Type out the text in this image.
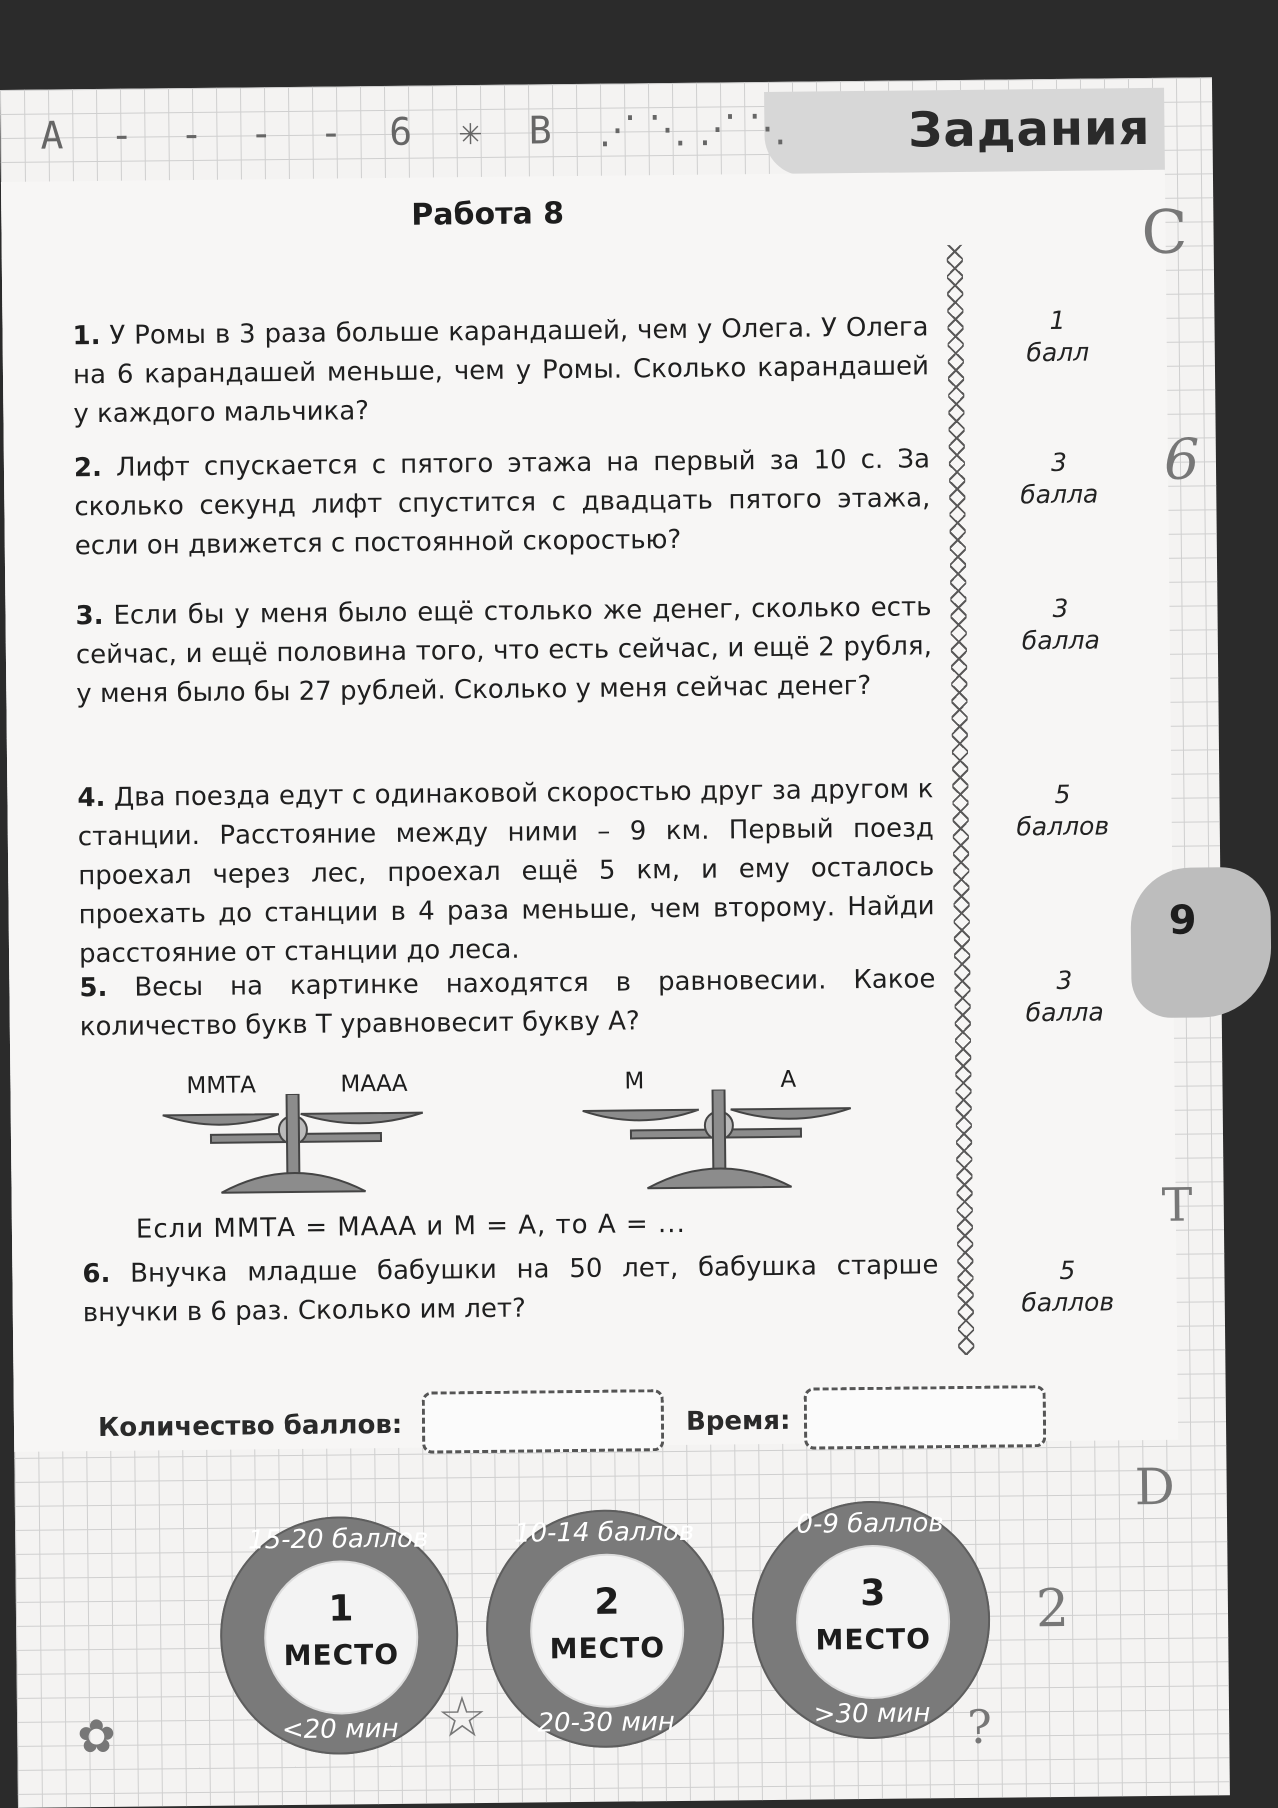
Задания
A - - - - 6 ✳ B ⋰⋱⋰⋱
Работа 8
1. У Ромы в 3 раза больше карандашей, чем у Олега. У Олега на 6 карандашей меньше, чем у Ромы. Сколько карандашей у каждого мальчика?
1
балл
2. Лифт спускается с пятого этажа на первый за 10 с. За сколько секунд лифт спустится с двадцать пятого этажа, если он движется с постоянной скоростью?
3
балла
3. Если бы у меня было ещё столько же денег, сколько есть сейчас, и ещё половина того, что есть сейчас, и ещё 2 рубля, у меня было бы 27 рублей. Сколько у меня сейчас денег?
3
балла
4. Два поезда едут с одинаковой скоростью друг за другом к станции. Расстояние между ними – 9 км. Первый поезд проехал через лес, проехал ещё 5 км, и ему осталось проехать до станции в 4 раза меньше, чем второму. Найди расстояние от станции до леса.
5
баллов
5. Весы на картинке находятся в равновесии. Какое количество букв Т уравновесит букву А?
3
балла
ММТА	МААА	М	А
Если ММТА = МААА и М = А, то А = ...
6. Внучка младше бабушки на 50 лет, бабушка старше внучки в 6 раз. Сколько им лет?
5
баллов
Количество баллов:	Время:
15-20 баллов
1
МЕСТО
<20 мин
10-14 баллов
2
МЕСТО
20-30 мин
0-9 баллов
3
МЕСТО
>30 мин
9
C
6
T
D
2
☆
✿	?
